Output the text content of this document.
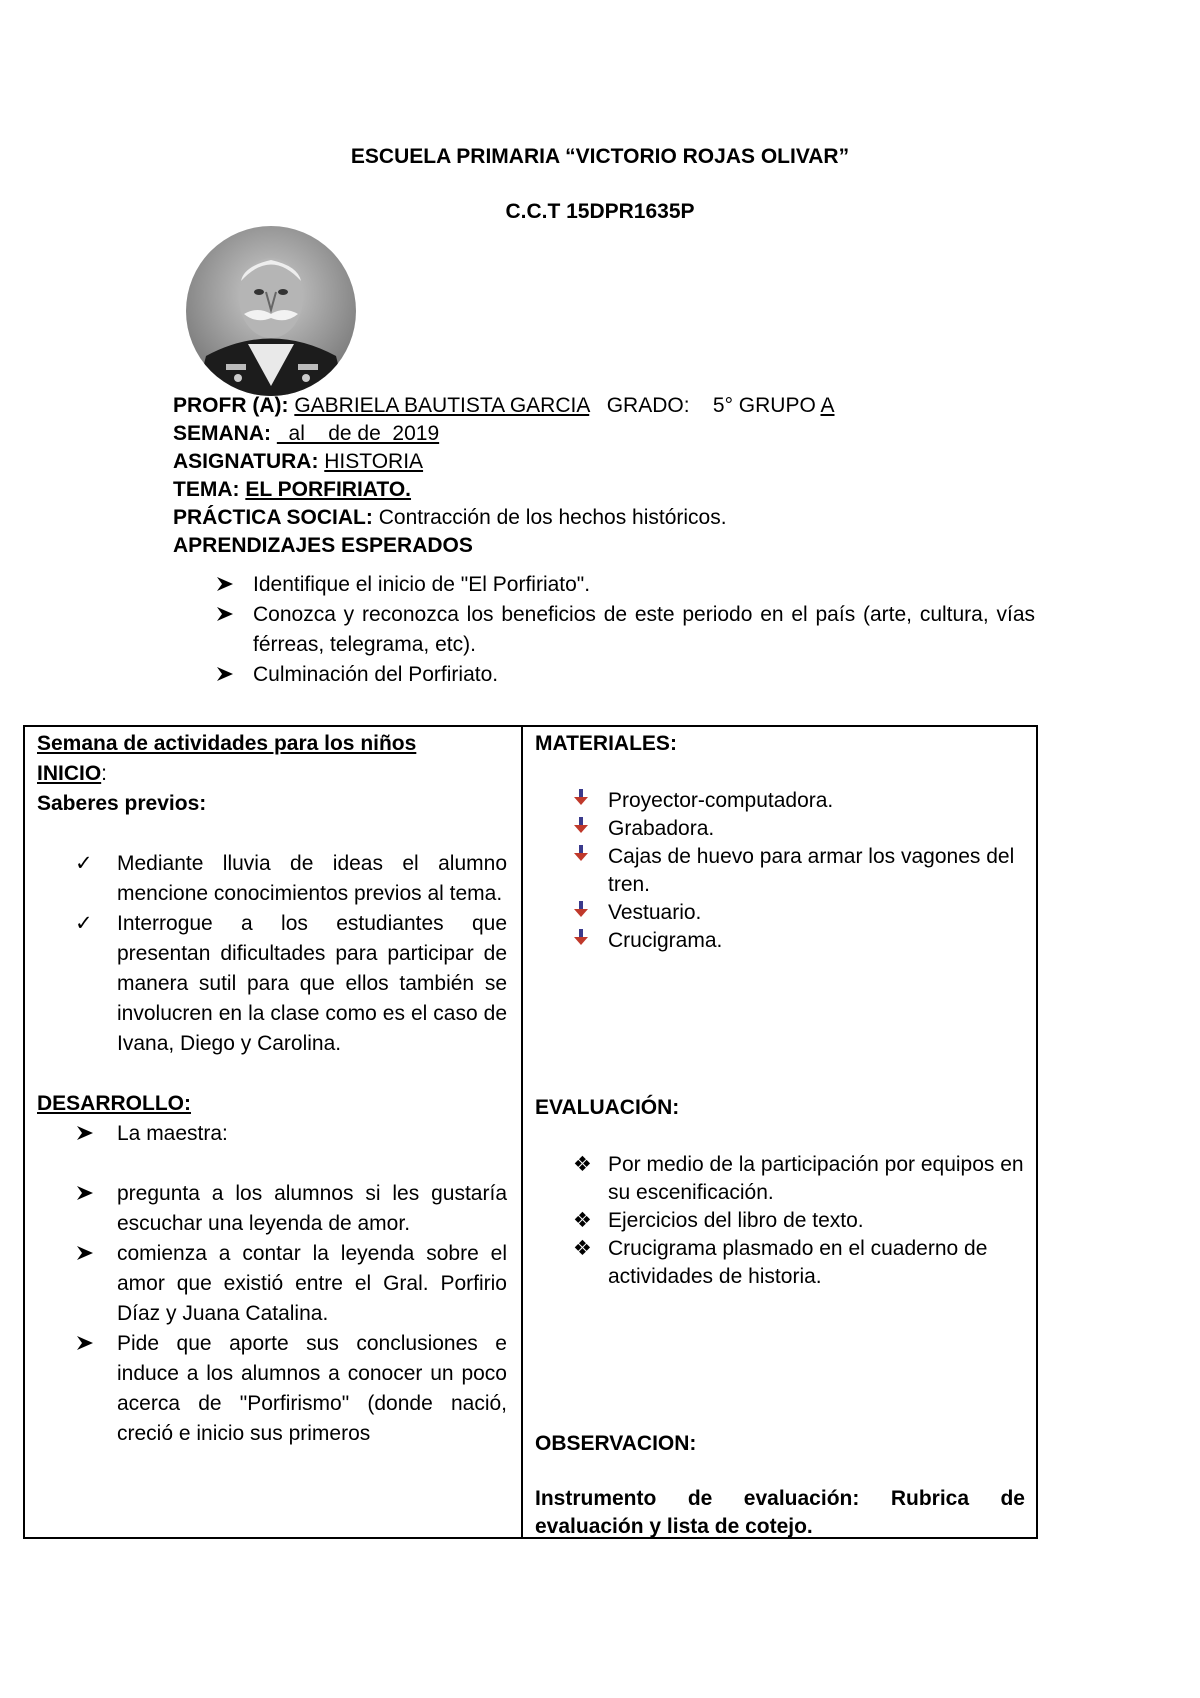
ESCUELA PRIMARIA “VICTORIO ROJAS OLIVAR”
C.C.T 15DPR1635P
PROFR (A): GABRIELA BAUTISTA GARCIA   GRADO:    5° GRUPO A
SEMANA:   al    de de  2019
ASIGNATURA: HISTORIA
TEMA: EL PORFIRIATO.
PRÁCTICA SOCIAL: Contracción de los hechos históricos.
APRENDIZAJES ESPERADOS
Identifique el inicio de "El Porfiriato".
Conozca y reconozca los beneficios de este periodo en el país (arte, cultura, vías férreas, telegrama, etc).
Culminación del Porfiriato.
Semana de actividades para los niños
INICIO:
Saberes previos:
✓ Mediante lluvia de ideas el alumno mencione conocimientos previos al tema.
✓ Interrogue a los estudiantes que presentan dificultades para participar de manera sutil para que ellos también se involucren en la clase como es el caso de Ivana, Diego y Carolina.
DESARROLLO:
La maestra:
pregunta a los alumnos si les gustaría escuchar una leyenda de amor.
comienza a contar la leyenda sobre el amor que existió entre el Gral. Porfirio Díaz y Juana Catalina.
Pide que aporte sus conclusiones e induce a los alumnos a conocer un poco acerca de "Porfirismo" (donde nació, creció e inicio sus primeros
MATERIALES:
Proyector-computadora.
Grabadora.
Cajas de huevo para armar los vagones del tren.
Vestuario.
Crucigrama.
EVALUACIÓN:
❖ Por medio de la participación por equipos en su escenificación.
❖ Ejercicios del libro de texto.
❖ Crucigrama plasmado en el cuaderno de actividades de historia.
OBSERVACION:
Instrumento de evaluación: Rubrica de evaluación y lista de cotejo.
